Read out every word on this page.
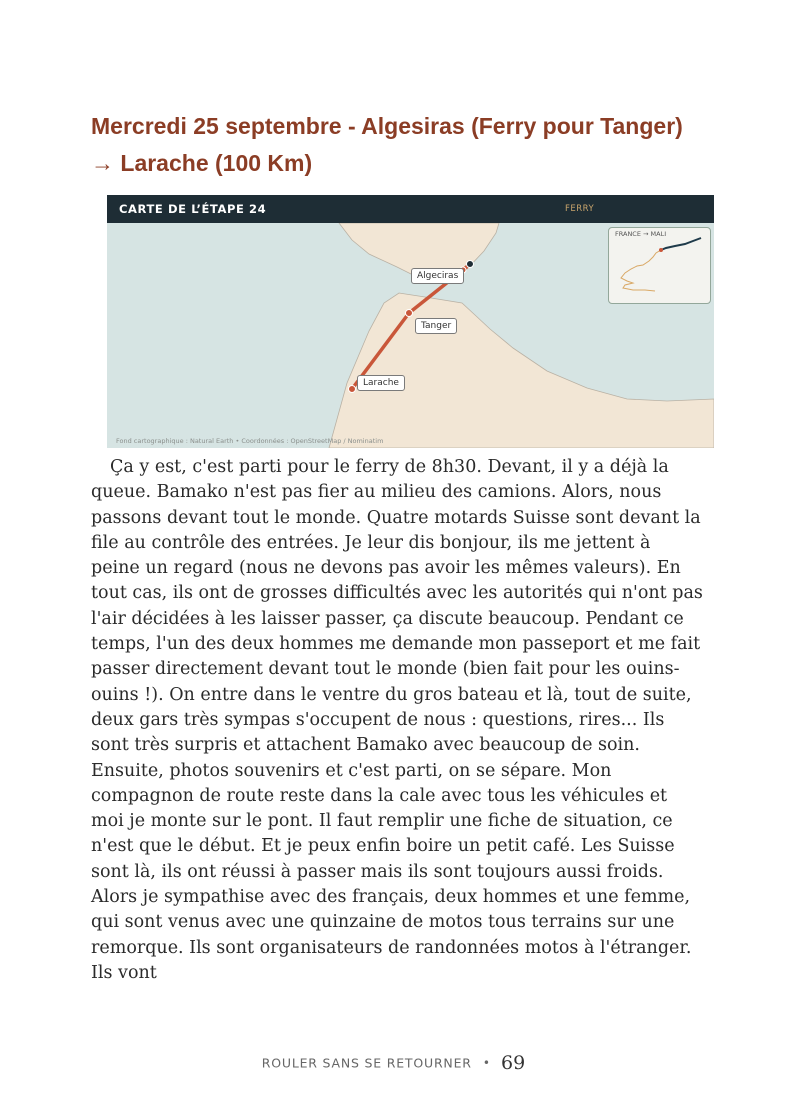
Mercredi 25 septembre - Algesiras (Ferry pour Tanger) → Larache (100 Km)
CARTE DE L’ÉTAPE 24	FERRY
Algeciras
Tanger
Larache
FRANCE → MALI
Fond cartographique : Natural Earth • Coordonnées : OpenStreetMap / Nominatim

Ça y est, c'est parti pour le ferry de 8h30. Devant, il y a déjà la queue. Bamako n'est pas fier au milieu des camions. Alors, nous passons devant tout le monde. Quatre motards Suisse sont devant la file au contrôle des entrées. Je leur dis bonjour, ils me jettent à peine un regard (nous ne devons pas avoir les mêmes valeurs). En tout cas, ils ont de grosses difficultés avec les autorités qui n'ont pas l'air décidées à les laisser passer, ça discute beaucoup. Pendant ce temps, l'un des deux hommes me demande mon passeport et me fait passer directement devant tout le monde (bien fait pour les ouins-ouins !). On entre dans le ventre du gros bateau et là, tout de suite, deux gars très sympas s'occupent de nous : questions, rires... Ils sont très surpris et attachent Bamako avec beaucoup de soin. Ensuite, photos souvenirs et c'est parti, on se sépare. Mon compagnon de route reste dans la cale avec tous les véhicules et moi je monte sur le pont. Il faut remplir une fiche de situation, ce n'est que le début. Et je peux enfin boire un petit café. Les Suisse sont là, ils ont réussi à passer mais ils sont toujours aussi froids. Alors je sympathise avec des français, deux hommes et une femme, qui sont venus avec une quinzaine de motos tous terrains sur une remorque. Ils sont organisateurs de randonnées motos à l'étranger. Ils vont

ROULER SANS SE RETOURNER • 69
